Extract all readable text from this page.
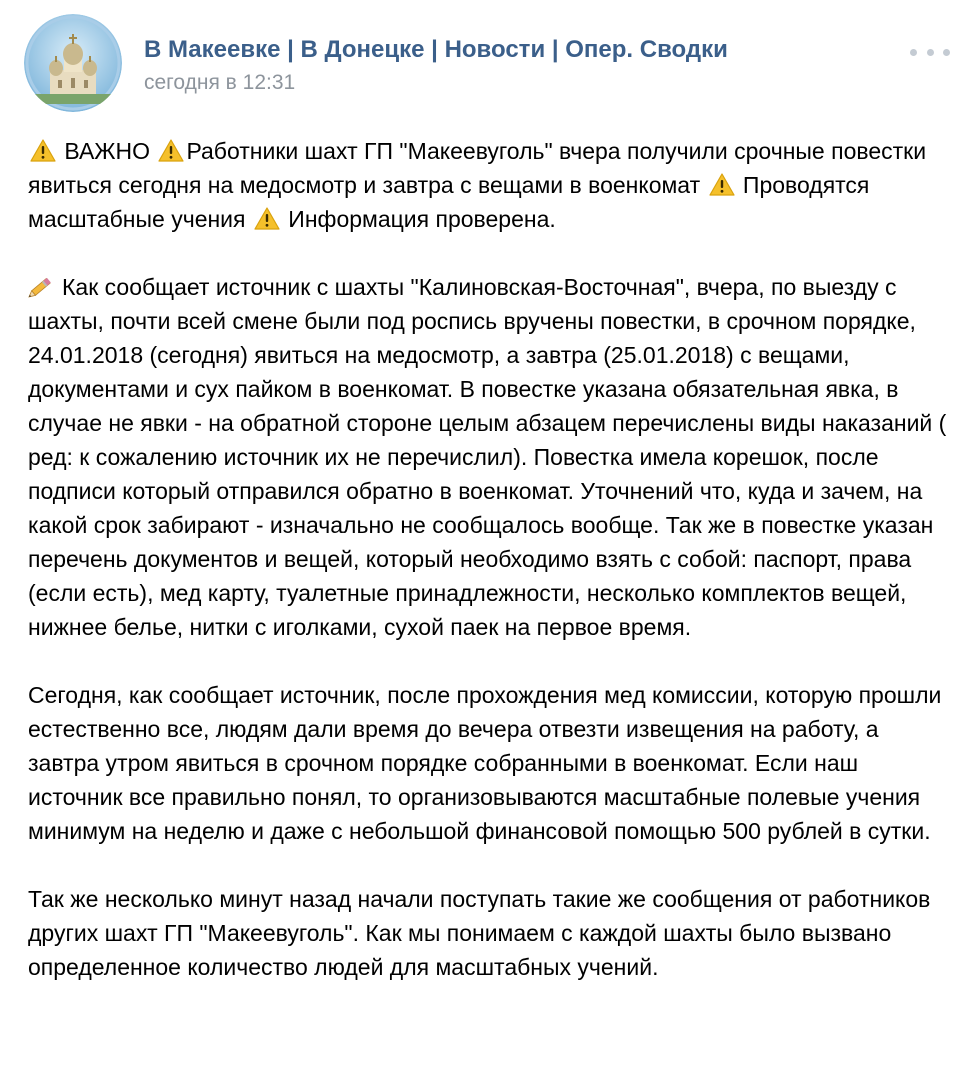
В Макеевке | В Донецке | Новости | Опер. Сводки
сегодня в 12:31

ВАЖНО Работники шахт ГП "Макеевуголь" вчера получили срочные повестки явиться сегодня на медосмотр и завтра с вещами в военкомат Проводятся масштабные учения Информация проверена.

Как сообщает источник с шахты "Калиновская-Восточная", вчера, по выезду с шахты, почти всей смене были под роспись вручены повестки, в срочном порядке, 24.01.2018 (сегодня) явиться на медосмотр, а завтра (25.01.2018) с вещами, документами и сух пайком в военкомат. В повестке указана обязательная явка, в случае не явки - на обратной стороне целым абзацем перечислены виды наказаний ( ред: к сожалению источник их не перечислил). Повестка имела корешок, после подписи который отправился обратно в военкомат. Уточнений что, куда и зачем, на какой срок забирают - изначально не сообщалось вообще. Так же в повестке указан перечень документов и вещей, который необходимо взять с собой: паспорт, права (если есть), мед карту, туалетные принадлежности, несколько комплектов вещей, нижнее белье, нитки с иголками, сухой паек на первое время.

Сегодня, как сообщает источник, после прохождения мед комиссии, которую прошли естественно все, людям дали время до вечера отвезти извещения на работу, а завтра утром явиться в срочном порядке собранными в военкомат. Если наш источник все правильно понял, то организовываются масштабные полевые учения минимум на неделю и даже с небольшой финансовой помощью 500 рублей в сутки.

Так же несколько минут назад начали поступать такие же сообщения от работников других шахт ГП "Макеевуголь". Как мы понимаем с каждой шахты было вызвано определенное количество людей для масштабных учений.
